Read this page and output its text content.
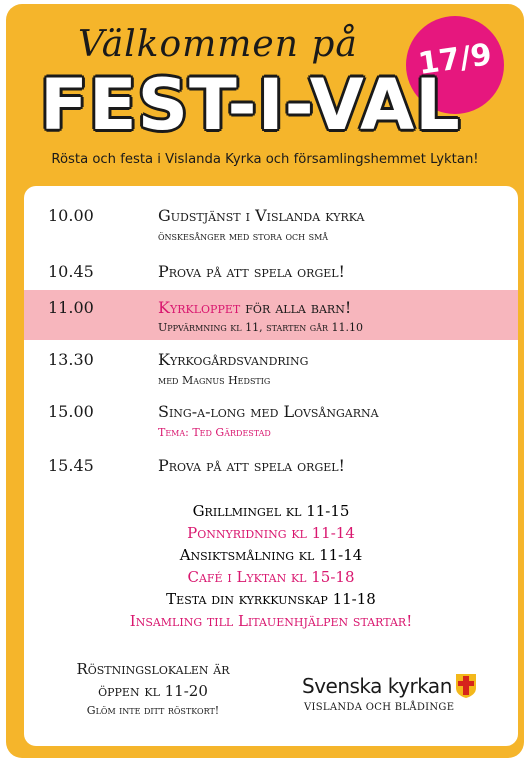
Välkommen på	17/9
FEST-I-VAL
Rösta och festa i Vislanda Kyrka och församlingshemmet Lyktan!
10.00	Gudstjänst i Vislanda kyrka
önskesånger med stora och små
10.45	Prova på att spela orgel!
11.00	Kyrkloppet för alla barn!
Uppvärmning kl 11, starten går 11.10
13.30	Kyrkogårdsvandring
med Magnus Hedstig
15.00	Sing-a-long med Lovsångarna
Tema: Ted Gärdestad
15.45	Prova på att spela orgel!
Grillmingel kl 11-15
Ponnyridning kl 11-14
Ansiktsmålning kl 11-14
Café i Lyktan kl 15-18
Testa din kyrkkunskap 11-18
Insamling till Litauenhjälpen startar!
Röstningslokalen är
öppen kl 11-20
Glöm inte ditt röstkort!
Svenska kyrkan
VISLANDA OCH BLÅDINGE
